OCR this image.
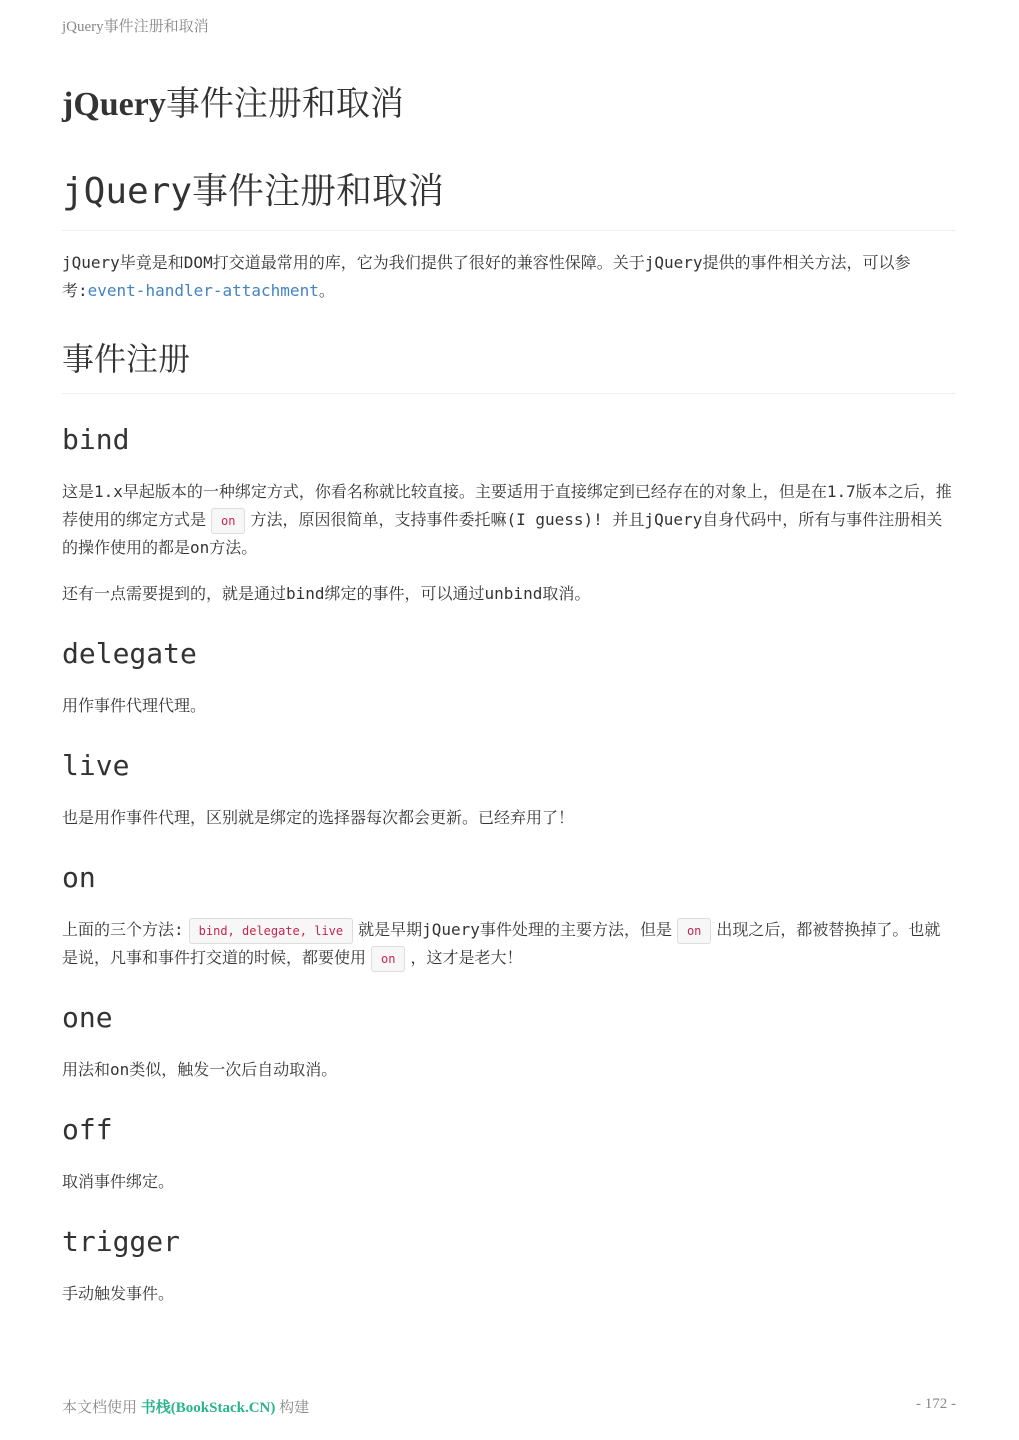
jQuery事件注册和取消
jQuery事件注册和取消
jQuery事件注册和取消

jQuery毕竟是和DOM打交道最常用的库，它为我们提供了很好的兼容性保障。关于jQuery提供的事件相关方法，可以参考:event-handler-attachment。

事件注册
bind

这是1.x早起版本的一种绑定方式，你看名称就比较直接。主要适用于直接绑定到已经存在的对象上，但是在1.7版本之后，推荐使用的绑定方式是 on 方法，原因很简单，支持事件委托嘛(I guess)! 并且jQuery自身代码中，所有与事件注册相关的操作使用的都是on方法。

还有一点需要提到的，就是通过bind绑定的事件，可以通过unbind取消。

delegate

用作事件代理代理。

live

也是用作事件代理，区别就是绑定的选择器每次都会更新。已经弃用了！

on

上面的三个方法: bind, delegate, live 就是早期jQuery事件处理的主要方法，但是 on 出现之后，都被替换掉了。也就是说，凡事和事件打交道的时候，都要使用 on ，这才是老大！

one

用法和on类似，触发一次后自动取消。

off

取消事件绑定。

trigger

手动触发事件。

本文档使用 书栈(BookStack.CN) 构建	- 172 -
